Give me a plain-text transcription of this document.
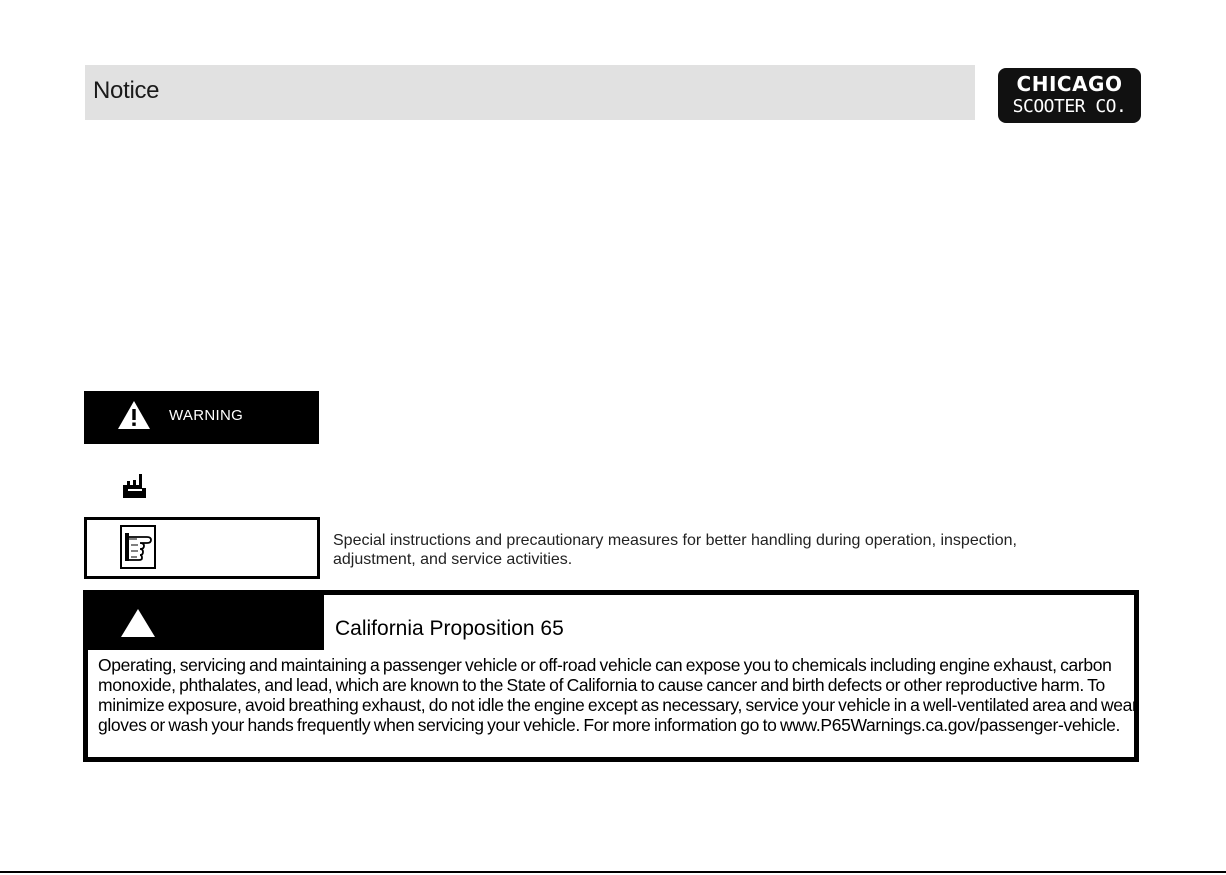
Notice	CHICAGO
SCOOTER CO.
WARNING
Special instructions and precautionary measures for better handling during operation, inspection, adjustment, and service activities.
California Proposition 65
Operating, servicing and maintaining a passenger vehicle or off-road vehicle can expose you to chemicals including engine exhaust, carbon monoxide, phthalates, and lead, which are known to the State of California to cause cancer and birth defects or other reproductive harm. To minimize exposure, avoid breathing exhaust, do not idle the engine except as necessary, service your vehicle in a well-ventilated area and wear gloves or wash your hands frequently when servicing your vehicle. For more information go to www.P65Warnings.ca.gov/passenger-vehicle.
